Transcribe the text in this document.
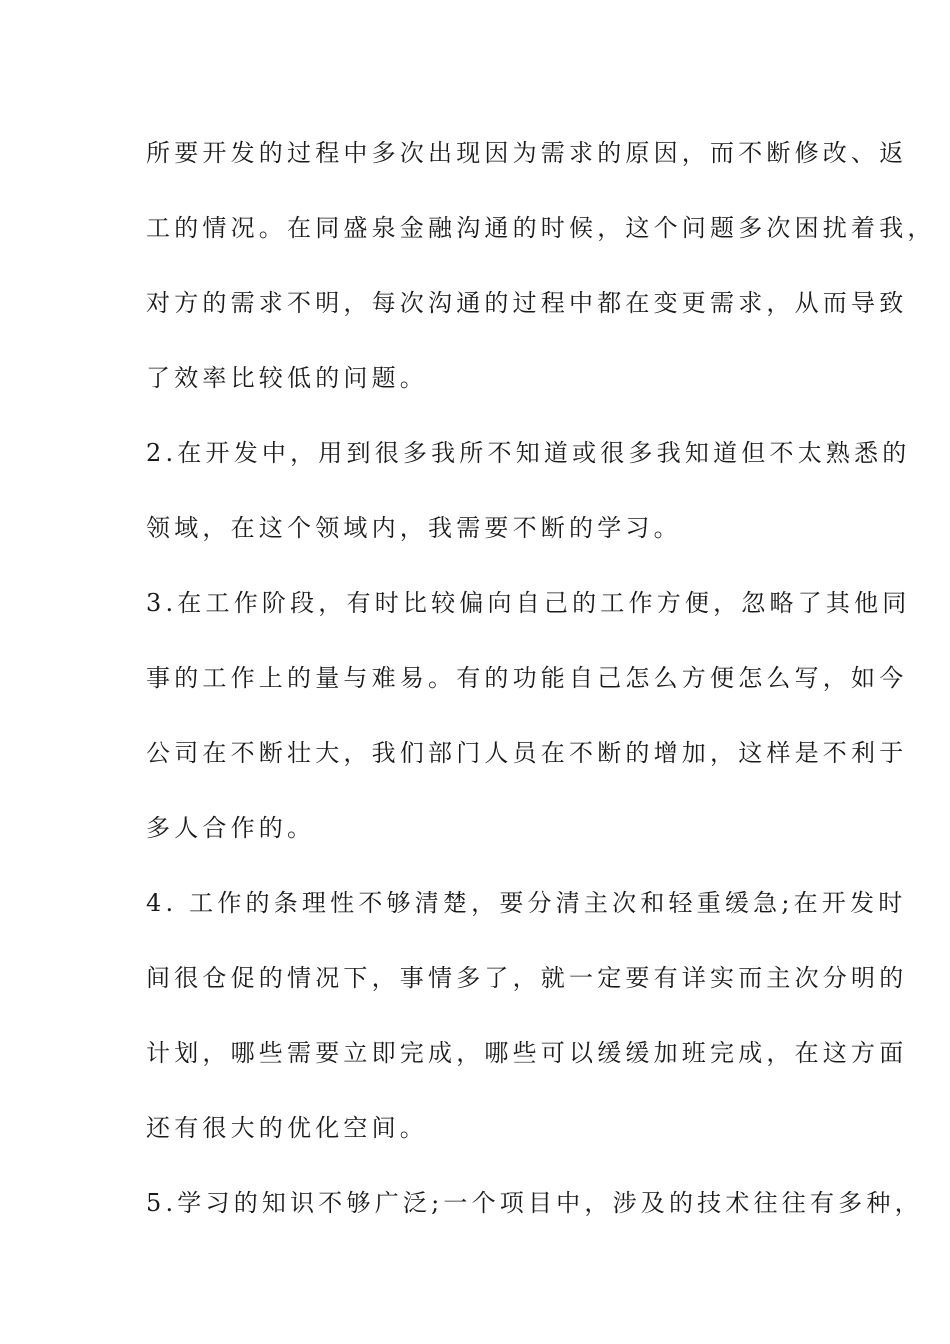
所要开发的过程中多次出现因为需求的原因，而不断修改、返
工的情况。在同盛泉金融沟通的时候，这个问题多次困扰着我，
对方的需求不明，每次沟通的过程中都在变更需求，从而导致
了效率比较低的问题。
2.在开发中，用到很多我所不知道或很多我知道但不太熟悉的
领域，在这个领域内，我需要不断的学习。
3.在工作阶段，有时比较偏向自己的工作方便，忽略了其他同
事的工作上的量与难易。有的功能自己怎么方便怎么写，如今
公司在不断壮大，我们部门人员在不断的增加，这样是不利于
多人合作的。
4. 工作的条理性不够清楚，要分清主次和轻重缓急;在开发时
间很仓促的情况下，事情多了，就一定要有详实而主次分明的
计划，哪些需要立即完成，哪些可以缓缓加班完成，在这方面
还有很大的优化空间。
5.学习的知识不够广泛;一个项目中，涉及的技术往往有多种，
